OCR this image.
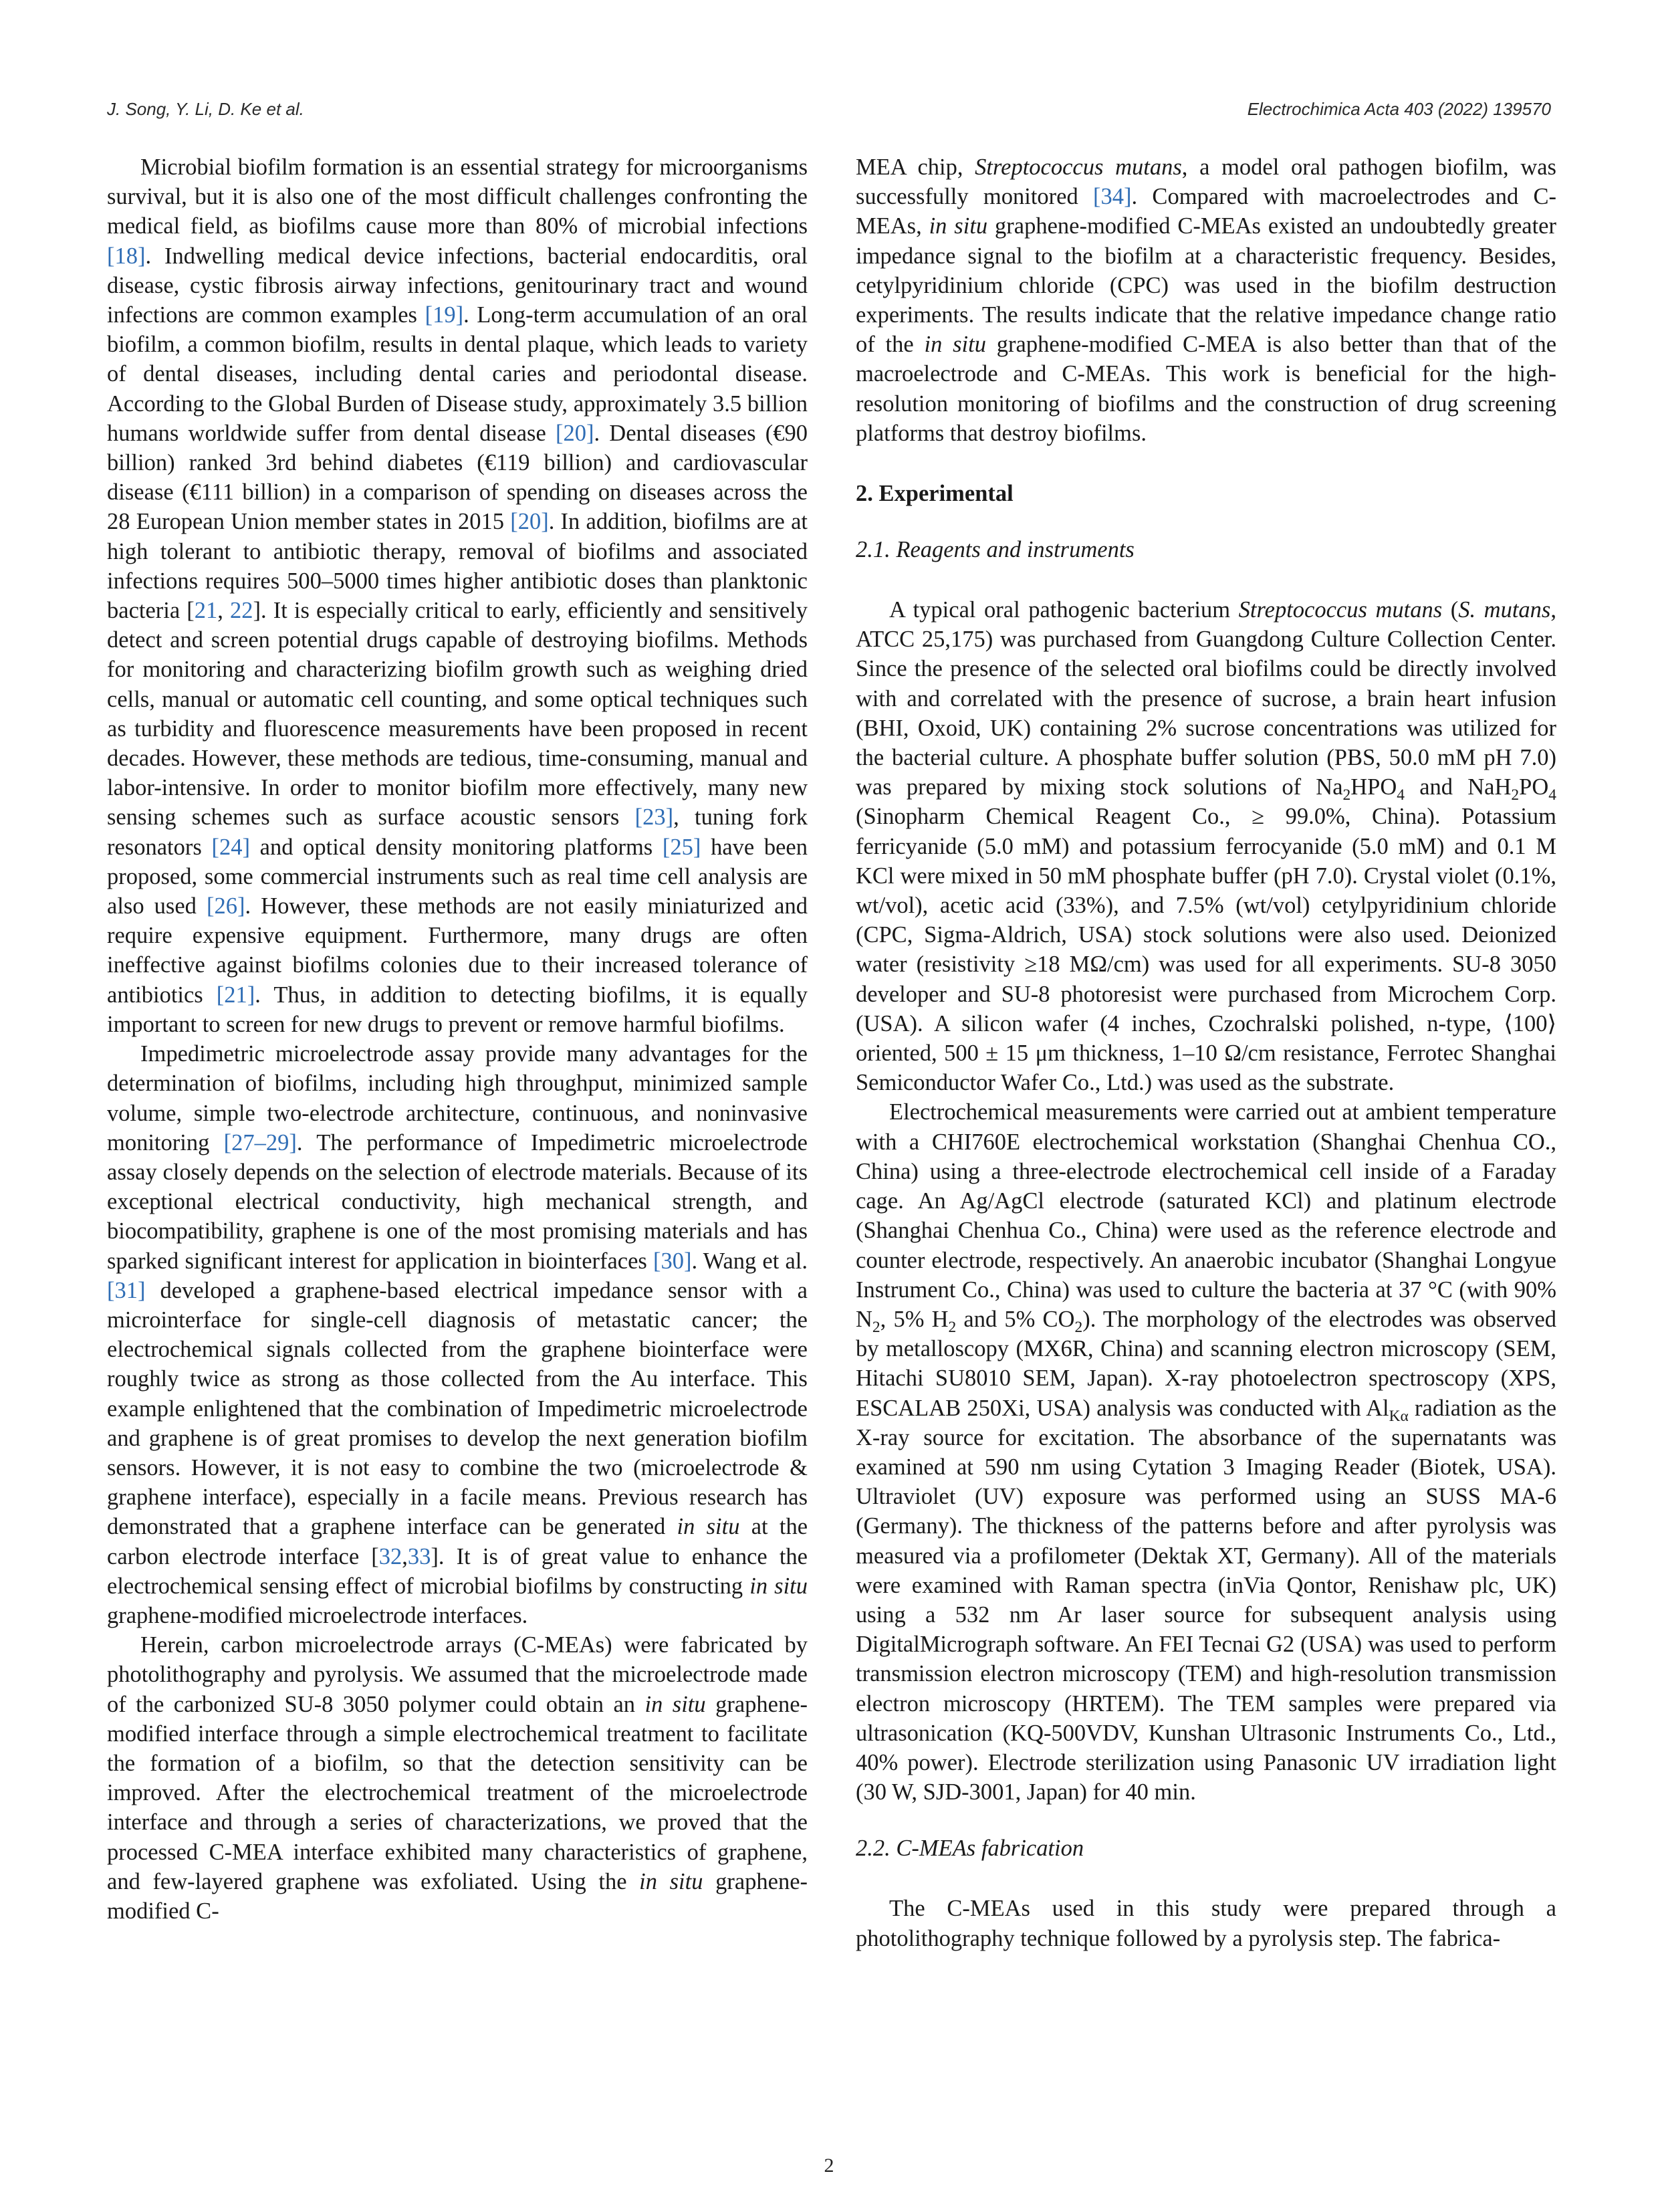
J. Song, Y. Li, D. Ke et al.	Electrochimica Acta 403 (2022) 139570

Microbial biofilm formation is an essential strategy for microorganisms survival, but it is also one of the most difficult challenges confronting the medical field, as biofilms cause more than 80% of microbial infections [18]. Indwelling medical device infections, bacterial endocarditis, oral disease, cystic fibrosis airway infections, genitourinary tract and wound infections are common examples [19]. Long-term accumulation of an oral biofilm, a common biofilm, results in dental plaque, which leads to variety of dental diseases, including dental caries and periodontal disease. According to the Global Burden of Disease study, approximately 3.5 billion humans worldwide suffer from dental disease [20]. Dental diseases (€90 billion) ranked 3rd behind diabetes (€119 billion) and cardiovascular disease (€111 billion) in a comparison of spending on diseases across the 28 European Union member states in 2015 [20]. In addition, biofilms are at high tolerant to antibiotic therapy, removal of biofilms and associated infections requires 500–5000 times higher antibiotic doses than planktonic bacteria [21, 22]. It is especially critical to early, efficiently and sensitively detect and screen potential drugs capable of destroying biofilms. Methods for monitoring and characterizing biofilm growth such as weighing dried cells, manual or automatic cell counting, and some optical techniques such as turbidity and fluorescence measurements have been proposed in recent decades. However, these methods are tedious, time-consuming, manual and labor-intensive. In order to monitor biofilm more effectively, many new sensing schemes such as surface acoustic sensors [23], tuning fork resonators [24] and optical density monitoring platforms [25] have been proposed, some commercial instruments such as real time cell analysis are also used [26]. However, these methods are not easily miniaturized and require expensive equipment. Furthermore, many drugs are often ineffective against biofilms colonies due to their increased tolerance of antibiotics [21]. Thus, in addition to detecting biofilms, it is equally important to screen for new drugs to prevent or remove harmful biofilms.

Impedimetric microelectrode assay provide many advantages for the determination of biofilms, including high throughput, minimized sample volume, simple two-electrode architecture, continuous, and noninvasive monitoring [27–29]. The performance of Impedimetric microelectrode assay closely depends on the selection of electrode materials. Because of its exceptional electrical conductivity, high mechanical strength, and biocompatibility, graphene is one of the most promising materials and has sparked significant interest for application in biointerfaces [30]. Wang et al. [31] developed a graphene-based electrical impedance sensor with a microinterface for single-cell diagnosis of metastatic cancer; the electrochemical signals collected from the graphene biointerface were roughly twice as strong as those collected from the Au interface. This example enlightened that the combination of Impedimetric microelectrode and graphene is of great promises to develop the next generation biofilm sensors. However, it is not easy to combine the two (microelectrode & graphene interface), especially in a facile means. Previous research has demonstrated that a graphene interface can be generated in situ at the carbon electrode interface [32,33]. It is of great value to enhance the electrochemical sensing effect of microbial biofilms by constructing in situ graphene-modified microelectrode interfaces.

Herein, carbon microelectrode arrays (C-MEAs) were fabricated by photolithography and pyrolysis. We assumed that the microelectrode made of the carbonized SU-8 3050 polymer could obtain an in situ graphene-modified interface through a simple electrochemical treatment to facilitate the formation of a biofilm, so that the detection sensitivity can be improved. After the electrochemical treatment of the microelectrode interface and through a series of characterizations, we proved that the processed C-MEA interface exhibited many characteristics of graphene, and few-layered graphene was exfoliated. Using the in situ graphene-modified C-

MEA chip, Streptococcus mutans, a model oral pathogen biofilm, was successfully monitored [34]. Compared with macroelectrodes and C-MEAs, in situ graphene-modified C-MEAs existed an undoubtedly greater impedance signal to the biofilm at a characteristic frequency. Besides, cetylpyridinium chloride (CPC) was used in the biofilm destruction experiments. The results indicate that the relative impedance change ratio of the in situ graphene-modified C-MEA is also better than that of the macroelectrode and C-MEAs. This work is beneficial for the high-resolution monitoring of biofilms and the construction of drug screening platforms that destroy biofilms.

2. Experimental
2.1. Reagents and instruments

A typical oral pathogenic bacterium Streptococcus mutans (S. mutans, ATCC 25,175) was purchased from Guangdong Culture Collection Center. Since the presence of the selected oral biofilms could be directly involved with and correlated with the presence of sucrose, a brain heart infusion (BHI, Oxoid, UK) containing 2% sucrose concentrations was utilized for the bacterial culture. A phosphate buffer solution (PBS, 50.0 mM pH 7.0) was prepared by mixing stock solutions of $Na_2HPO_4$ and $NaH_2PO_4$ (Sinopharm Chemical Reagent Co., ≥ 99.0%, China). Potassium ferricyanide (5.0 mM) and potassium ferrocyanide (5.0 mM) and 0.1 M KCl were mixed in 50 mM phosphate buffer (pH 7.0). Crystal violet (0.1%, wt/vol), acetic acid (33%), and 7.5% (wt/vol) cetylpyridinium chloride (CPC, Sigma-Aldrich, USA) stock solutions were also used. Deionized water (resistivity ≥18 MΩ/cm) was used for all experiments. SU-8 3050 developer and SU-8 photoresist were purchased from Microchem Corp. (USA). A silicon wafer (4 inches, Czochralski polished, n-type, ⟨100⟩ oriented, 500 ± 15 μm thickness, 1–10 Ω/cm resistance, Ferrotec Shanghai Semiconductor Wafer Co., Ltd.) was used as the substrate.

Electrochemical measurements were carried out at ambient temperature with a CHI760E electrochemical workstation (Shanghai Chenhua CO., China) using a three-electrode electrochemical cell inside of a Faraday cage. An Ag/AgCl electrode (saturated KCl) and platinum electrode (Shanghai Chenhua Co., China) were used as the reference electrode and counter electrode, respectively. An anaerobic incubator (Shanghai Longyue Instrument Co., China) was used to culture the bacteria at 37 °C (with 90% $N_2$, 5% $H_2$ and 5% $CO_2$). The morphology of the electrodes was observed by metalloscopy (MX6R, China) and scanning electron microscopy (SEM, Hitachi SU8010 SEM, Japan). X-ray photoelectron spectroscopy (XPS, ESCALAB 250Xi, USA) analysis was conducted with $Al_{K\alpha}$ radiation as the X-ray source for excitation. The absorbance of the supernatants was examined at 590 nm using Cytation 3 Imaging Reader (Biotek, USA). Ultraviolet (UV) exposure was performed using an SUSS MA-6 (Germany). The thickness of the patterns before and after pyrolysis was measured via a profilometer (Dektak XT, Germany). All of the materials were examined with Raman spectra (inVia Qontor, Renishaw plc, UK) using a 532 nm Ar laser source for subsequent analysis using DigitalMicrograph software. An FEI Tecnai G2 (USA) was used to perform transmission electron microscopy (TEM) and high-resolution transmission electron microscopy (HRTEM). The TEM samples were prepared via ultrasonication (KQ-500VDV, Kunshan Ultrasonic Instruments Co., Ltd., 40% power). Electrode sterilization using Panasonic UV irradiation light (30 W, SJD-3001, Japan) for 40 min.

2.2. C-MEAs fabrication

The C-MEAs used in this study were prepared through a photolithography technique followed by a pyrolysis step. The fabrica-

2
